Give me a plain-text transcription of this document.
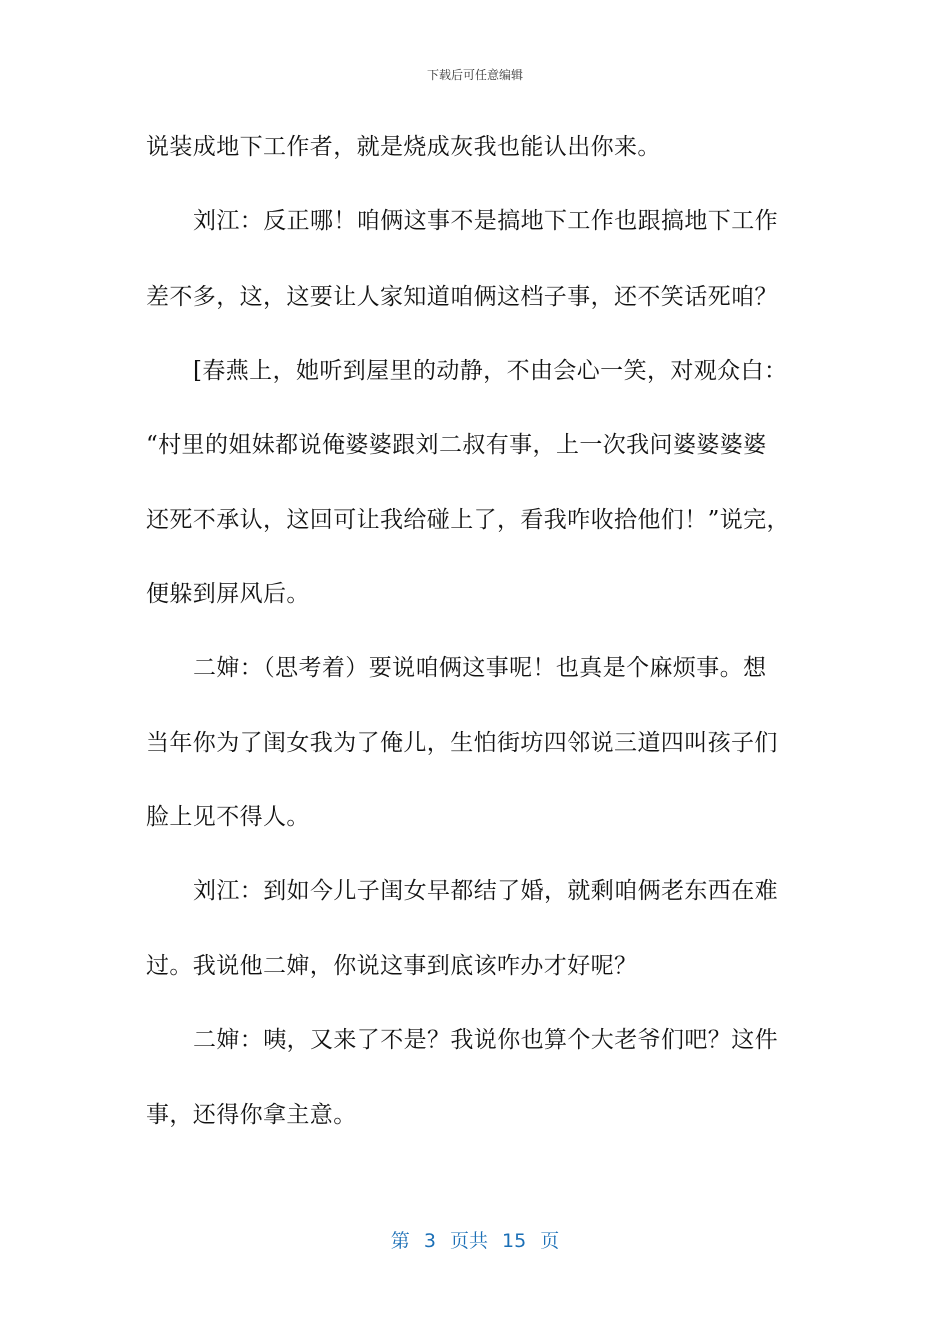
下载后可任意编辑
说装成地下工作者，就是烧成灰我也能认出你来。
刘江：反正哪！咱俩这事不是搞地下工作也跟搞地下工作
差不多，这，这要让人家知道咱俩这档子事，还不笑话死咱？
[春燕上，她听到屋里的动静，不由会心一笑，对观众白：
“村里的姐妹都说俺婆婆跟刘二叔有事，上一次我问婆婆婆婆
还死不承认，这回可让我给碰上了，看我咋收拾他们！”说完，
便躲到屏风后。
二婶：（思考着）要说咱俩这事呢！也真是个麻烦事。想
当年你为了闺女我为了俺儿，生怕街坊四邻说三道四叫孩子们
脸上见不得人。
刘江：到如今儿子闺女早都结了婚，就剩咱俩老东西在难
过。我说他二婶，你说这事到底该咋办才好呢？
二婶：咦，又来了不是？我说你也算个大老爷们吧？这件
事，还得你拿主意。
第 3 页共 15 页
